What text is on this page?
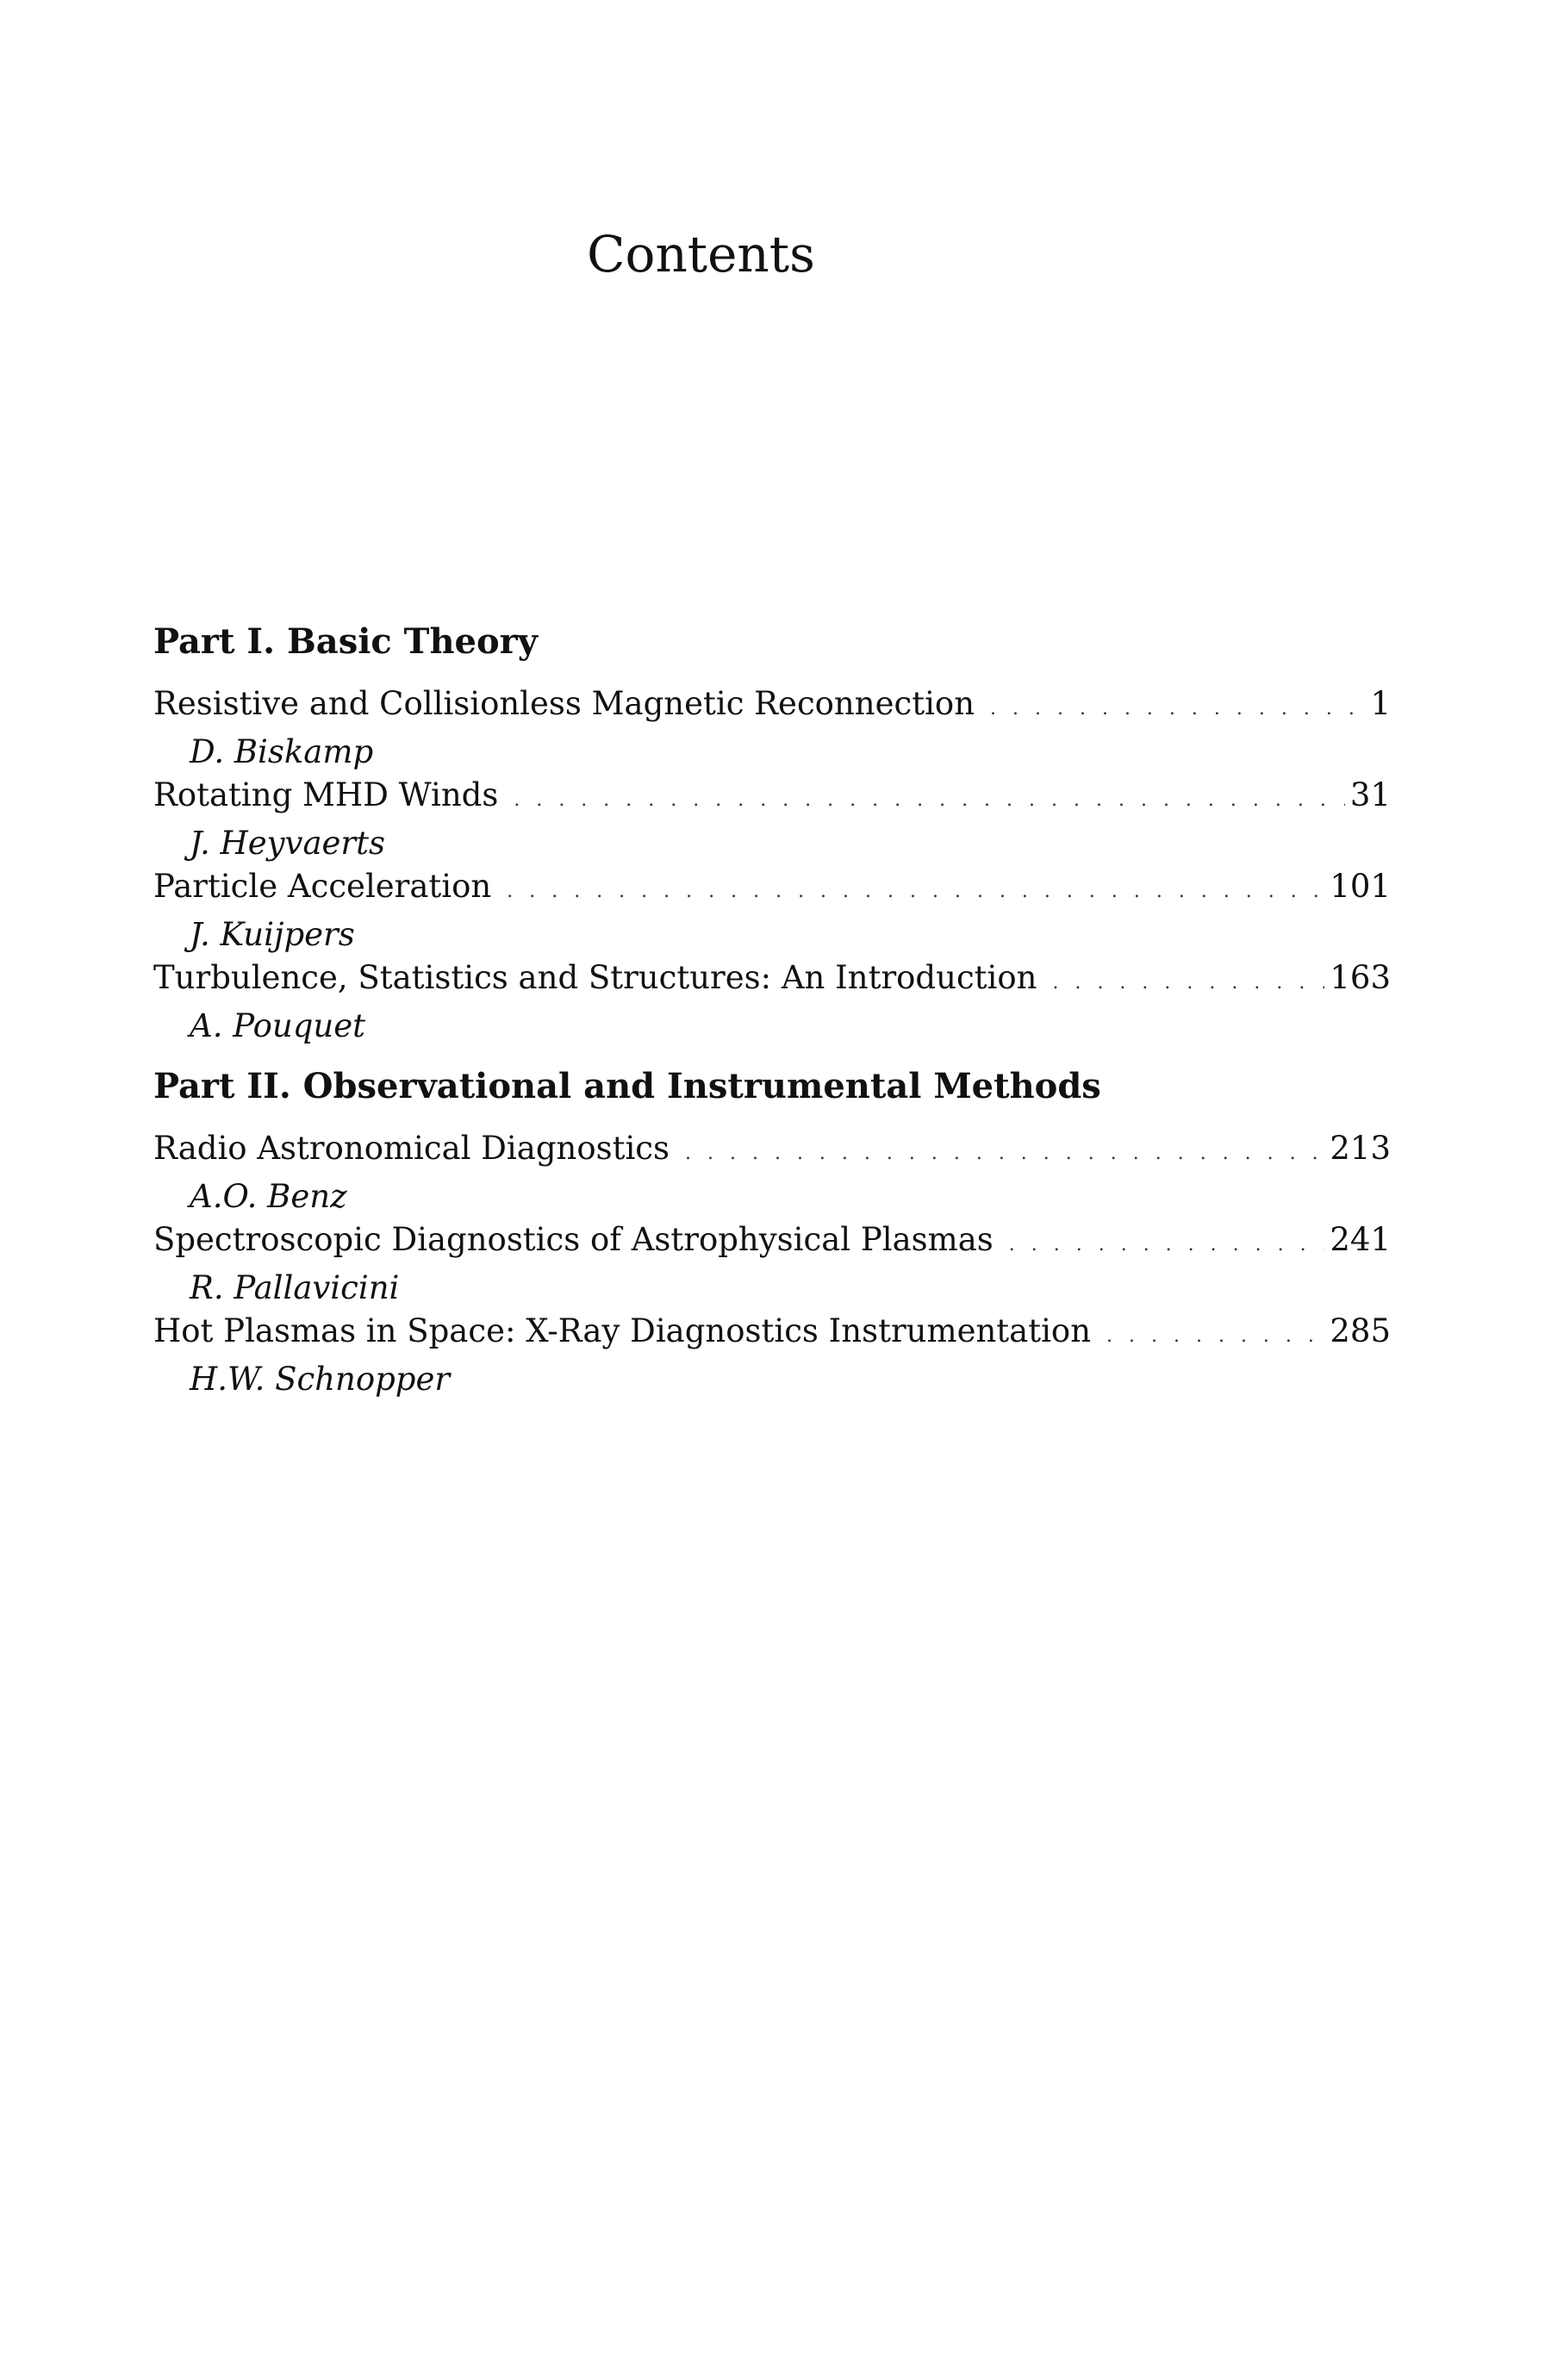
Contents
Part I. Basic Theory
Resistive and Collisionless Magnetic Reconnection . . .	1
D. Biskamp
Rotating MHD Winds . . .	31
J. Heyvaerts
Particle Acceleration . . .	101
J. Kuijpers
Turbulence, Statistics and Structures: An Introduction . . .	163
A. Pouquet
Part II. Observational and Instrumental Methods
Radio Astronomical Diagnostics . . .	213
A.O. Benz
Spectroscopic Diagnostics of Astrophysical Plasmas . . .	241
R. Pallavicini
Hot Plasmas in Space: X-Ray Diagnostics Instrumentation . . .	285
H.W. Schnopper
